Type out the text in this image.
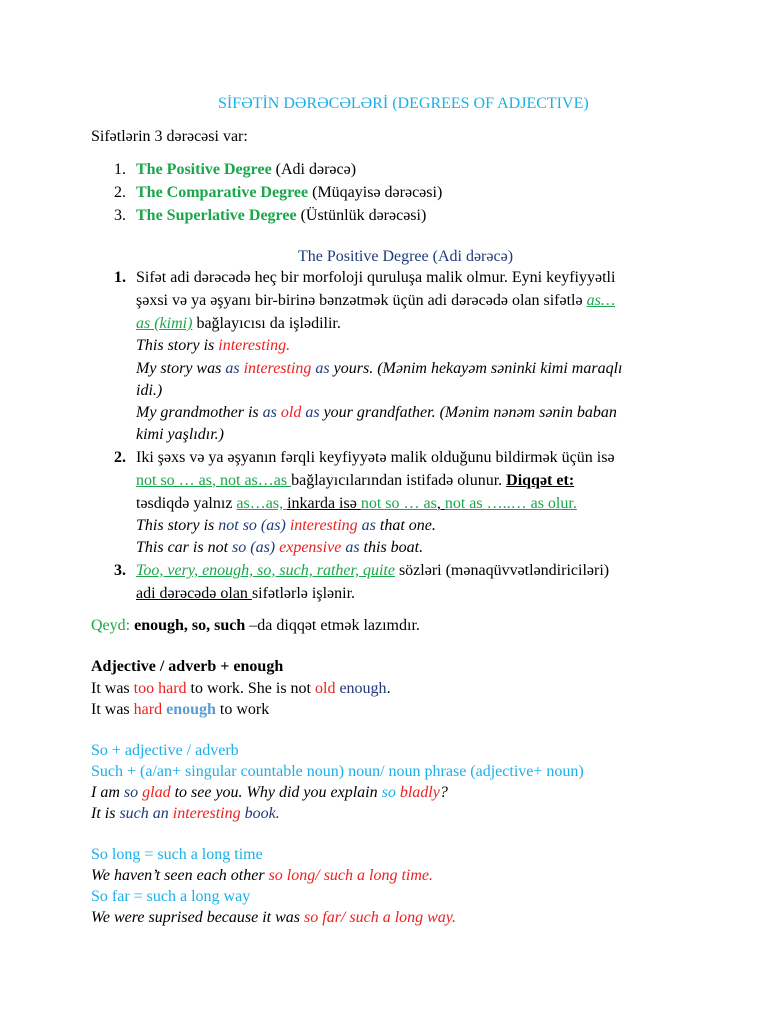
SİFƏTİN DƏRƏCƏLƏRİ (DEGREES OF ADJECTIVE)
Sifətlərin 3 dərəcəsi var:
1. The Positive Degree (Adi dərəcə)
2. The Comparative Degree (Müqayisə dərəcəsi)
3. The Superlative Degree (Üstünlük dərəcəsi)
The Positive Degree (Adi dərəcə)
1. Sifət adi dərəcədə heç bir morfoloji quruluşa malik olmur. Eyni keyfiyyətli
şəxsi və ya əşyanı bir-birinə bənzətmək üçün adi dərəcədə olan sifətlə as…
as (kimi) bağlayıcısı da işlədilir.
This story is interesting.
My story was as interesting as yours. (Mənim hekayəm səninki kimi maraqlı
idi.)
My grandmother is as old as your grandfather. (Mənim nənəm sənin baban
kimi yaşlıdır.)
2. Iki şəxs və ya əşyanın fərqli keyfiyyətə malik olduğunu bildirmək üçün isə
not so … as, not as…as bağlayıcılarından istifadə olunur. Diqqət et:
təsdiqdə yalnız as…as, inkarda isə not so … as, not as …..… as olur.
This story is not so (as) interesting as that one.
This car is not so (as) expensive as this boat.
3. Too, very, enough, so, such, rather, quite sözləri (mənaqüvvətləndiriciləri)
adi dərəcədə olan sifətlərlə işlənir.
Qeyd: enough, so, such –da diqqət etmək lazımdır.
Adjective / adverb + enough
It was too hard to work. She is not old enough.
It was hard enough to work
So + adjective / adverb
Such + (a/an+ singular countable noun) noun/ noun phrase (adjective+ noun)
I am so glad to see you. Why did you explain so bladly?
It is such an interesting book.
So long = such a long time
We haven’t seen each other so long/ such a long time.
So far = such a long way
We were suprised because it was so far/ such a long way.
